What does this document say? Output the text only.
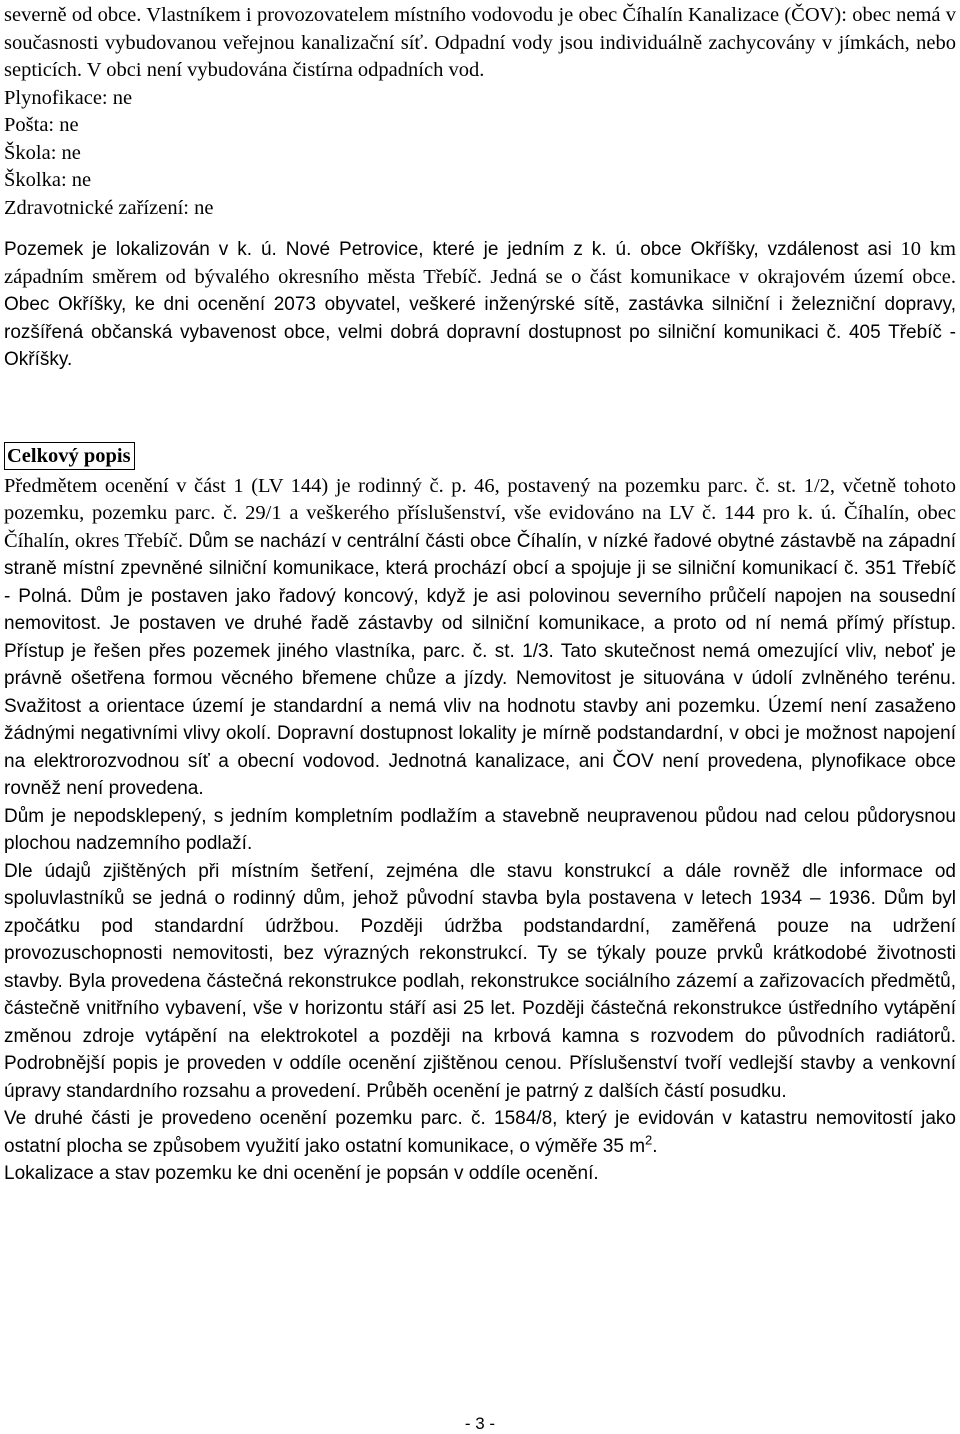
severně od obce. Vlastníkem i provozovatelem místního vodovodu je obec Číhalín Kanalizace (ČOV): obec nemá v současnosti vybudovanou veřejnou kanalizační síť. Odpadní vody jsou individuálně zachycovány v jímkách, nebo septicích. V obci není vybudována čistírna odpadních vod.

Plynofikace: ne
Pošta: ne
Škola: ne
Školka: ne
Zdravotnické zařízení: ne

Pozemek je lokalizován v k. ú. Nové Petrovice, které je jedním z k. ú. obce Okříšky, vzdálenost asi 10 km západním směrem od bývalého okresního města Třebíč. Jedná se o část komunikace v okrajovém území obce. Obec Okříšky, ke dni ocenění 2073 obyvatel, veškeré inženýrské sítě, zastávka silniční i železniční dopravy, rozšířená občanská vybavenost obce, velmi dobrá dopravní dostupnost po silniční komunikaci č. 405 Třebíč - Okříšky.

Celkový popis

Předmětem ocenění v část 1 (LV 144) je rodinný č. p. 46, postavený na pozemku parc. č. st. 1/2, včetně tohoto pozemku, pozemku parc. č. 29/1 a veškerého příslušenství, vše evidováno na LV č. 144 pro k. ú. Číhalín, obec Číhalín, okres Třebíč. Dům se nachází v centrální části obce Číhalín, v nízké řadové obytné zástavbě na západní straně místní zpevněné silniční komunikace, která prochází obcí a spojuje ji se silniční komunikací č. 351 Třebíč - Polná. Dům je postaven jako řadový koncový, když je asi polovinou severního průčelí napojen na sousední nemovitost. Je postaven ve druhé řadě zástavby od silniční komunikace, a proto od ní nemá přímý přístup. Přístup je řešen přes pozemek jiného vlastníka, parc. č. st. 1/3. Tato skutečnost nemá omezující vliv, neboť je právně ošetřena formou věcného břemene chůze a jízdy. Nemovitost je situována v údolí zvlněného terénu. Svažitost a orientace území je standardní a nemá vliv na hodnotu stavby ani pozemku. Území není zasaženo žádnými negativními vlivy okolí. Dopravní dostupnost lokality je mírně podstandardní, v obci je možnost napojení na elektrorozvodnou síť a obecní vodovod. Jednotná kanalizace, ani ČOV není provedena, plynofikace obce rovněž není provedena.

Dům je nepodsklepený, s jedním kompletním podlažím a stavebně neupravenou půdou nad celou půdorysnou plochou nadzemního podlaží.

Dle údajů zjištěných při místním šetření, zejména dle stavu konstrukcí a dále rovněž dle informace od spoluvlastníků se jedná o rodinný dům, jehož původní stavba byla postavena v letech 1934 – 1936. Dům byl zpočátku pod standardní údržbou. Později údržba podstandardní, zaměřená pouze na udržení provozuschopnosti nemovitosti, bez výrazných rekonstrukcí. Ty se týkaly pouze prvků krátkodobé životnosti stavby. Byla provedena částečná rekonstrukce podlah, rekonstrukce sociálního zázemí a zařizovacích předmětů, částečně vnitřního vybavení, vše v horizontu stáří asi 25 let. Později částečná rekonstrukce ústředního vytápění změnou zdroje vytápění na elektrokotel a později na krbová kamna s rozvodem do původních radiátorů. Podrobnější popis je proveden v oddíle ocenění zjištěnou cenou. Příslušenství tvoří vedlejší stavby a venkovní úpravy standardního rozsahu a provedení. Průběh ocenění je patrný z dalších částí posudku.

Ve druhé části je provedeno ocenění pozemku parc. č. 1584/8, který je evidován v katastru nemovitostí jako ostatní plocha se způsobem využití jako ostatní komunikace, o výměře 35 $m^2$.

Lokalizace a stav pozemku ke dni ocenění je popsán v oddíle ocenění.

- 3 -
